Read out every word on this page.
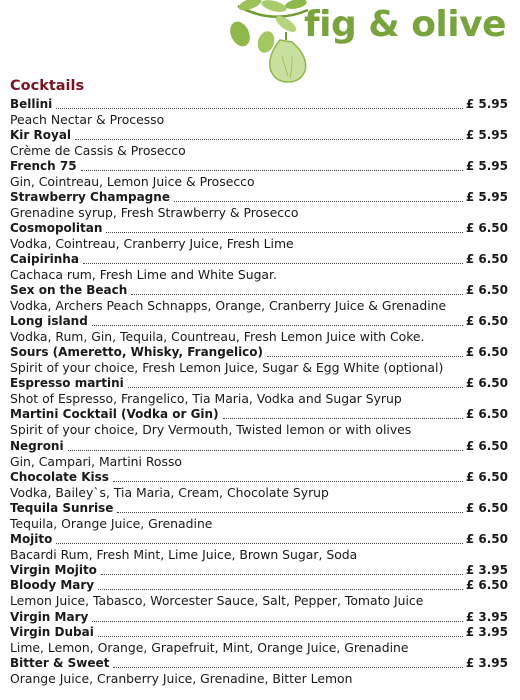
fig & olive
Cocktails
Bellini	£ 5.95
Peach Nectar & Processo
Kir Royal	£ 5.95
Crème de Cassis & Prosecco
French 75	£ 5.95
Gin, Cointreau, Lemon Juice & Prosecco
Strawberry Champagne	£ 5.95
Grenadine syrup, Fresh Strawberry & Prosecco
Cosmopolitan	£ 6.50
Vodka, Cointreau, Cranberry Juice, Fresh Lime
Caipirinha	£ 6.50
Cachaca rum, Fresh Lime and White Sugar.
Sex on the Beach	£ 6.50
Vodka, Archers Peach Schnapps, Orange, Cranberry Juice & Grenadine
Long island	£ 6.50
Vodka, Rum, Gin, Tequila, Countreau, Fresh Lemon Juice with Coke.
Sours (Ameretto, Whisky, Frangelico)	£ 6.50
Spirit of your choice, Fresh Lemon Juice, Sugar & Egg White (optional)
Espresso martini	£ 6.50
Shot of Espresso, Frangelico, Tia Maria, Vodka and Sugar Syrup
Martini Cocktail (Vodka or Gin)	£ 6.50
Spirit of your choice, Dry Vermouth, Twisted lemon or with olives
Negroni	£ 6.50
Gin, Campari, Martini Rosso
Chocolate Kiss	£ 6.50
Vodka, Bailey`s, Tia Maria, Cream, Chocolate Syrup
Tequila Sunrise	£ 6.50
Tequila, Orange Juice, Grenadine
Mojito	£ 6.50
Bacardi Rum, Fresh Mint, Lime Juice, Brown Sugar, Soda
Virgin Mojito	£ 3.95
Bloody Mary	£ 6.50
Lemon Juice, Tabasco, Worcester Sauce, Salt, Pepper, Tomato Juice
Virgin Mary	£ 3.95
Virgin Dubai	£ 3.95
Lime, Lemon, Orange, Grapefruit, Mint, Orange Juice, Grenadine
Bitter & Sweet	£ 3.95
Orange Juice, Cranberry Juice, Grenadine, Bitter Lemon
